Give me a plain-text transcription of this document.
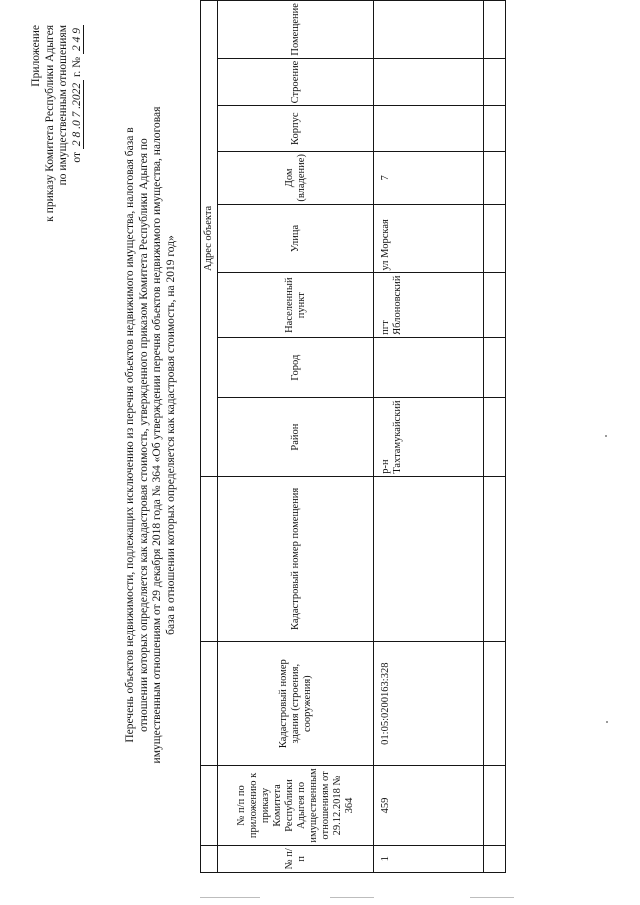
Приложение к приказу Комитета Республики Адыгея по имущественным отношениям от 2 8 .0 7 .2022 г. № 2 4 9
Перечень объектов недвижимости, подлежащих исключению из перечня объектов недвижимого имущества, налоговая база в отношении которых определяется как кадастровая стоимость, утвержденного приказом Комитета Республики Адыгея по имущественным отношениям от 29 декабря 2018 года № 364 «Об утверждении перечня объектов недвижимого имущества, налоговая база в отношении которых определяется как кадастровая стоимость, на 2019 год»
				Адрес объекта							
№ п/п	№ п/п по приложению к приказу Комитета Республики Адыгея по имущественным отношениям от 29.12.2018 № 364	Кадастровый номер здания (строения, сооружения)	Кадастровый номер помещения	Район	Город	Населенный пункт	Улица	Дом (владение)	Корпус	Строение	Помещение
1	459	01:05:0200163:328		р-н Тахтамукайский		пгт Яблоновский	ул Морская	7			
